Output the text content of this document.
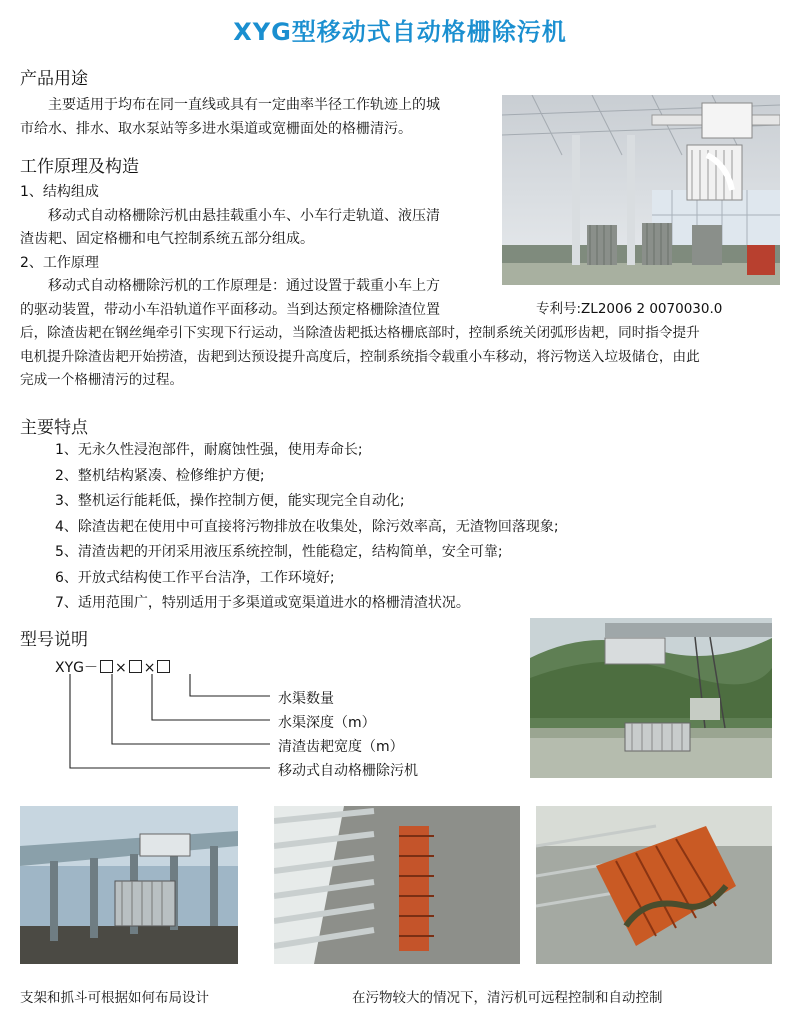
XYG型移动式自动格栅除污机
产品用途
主要适用于均布在同一直线或具有一定曲率半径工作轨迹上的城
市给水、排水、取水泵站等多进水渠道或宽栅面处的格栅清污。
工作原理及构造
1、结构组成
移动式自动格栅除污机由悬挂载重小车、小车行走轨道、液压清
渣齿耙、固定格栅和电气控制系统五部分组成。
2、工作原理
移动式自动格栅除污机的工作原理是：通过设置于载重小车上方
的驱动装置，带动小车沿轨道作平面移动。当到达预定格栅除渣位置
后，除渣齿耙在钢丝绳牵引下实现下行运动，当除渣齿耙抵达格栅底部时，控制系统关闭弧形齿耙，同时指令提升
电机提升除渣齿耙开始捞渣，齿耙到达预设提升高度后，控制系统指令载重小车移动，将污物送入垃圾储仓，由此
完成一个格栅清污的过程。
专利号:ZL2006 2 0070030.0
主要特点
1、无永久性浸泡部件，耐腐蚀性强，使用寿命长;
2、整机结构紧凑、检修维护方便;
3、整机运行能耗低，操作控制方便，能实现完全自动化;
4、除渣齿耙在使用中可直接将污物排放在收集处，除污效率高，无渣物回落现象;
5、清渣齿耙的开闭采用液压系统控制，性能稳定，结构简单，安全可靠;
6、开放式结构使工作平台洁净，工作环境好;
7、适用范围广，特别适用于多渠道或宽渠道进水的格栅清渣状况。
型号说明
XYG－ × ×
水渠数量
水渠深度（m）
清渣齿耙宽度（m）
移动式自动格栅除污机
支架和抓斗可根据如何布局设计	在污物较大的情况下，清污机可远程控制和自动控制
